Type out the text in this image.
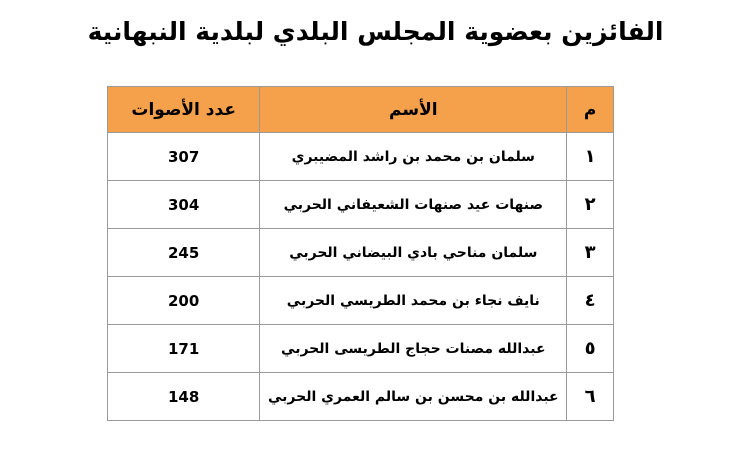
الفائزين بعضوية المجلس البلدي لبلدية النبهانية
م	الأسم	عدد الأصوات
١	سلمان بن محمد بن راشد المضيبري	307
٢	صنهات عيد صنهات الشعيفاني الحربي	304
٣	سلمان مناحي بادي البيضاني الحربي	245
٤	نايف نجاء بن محمد الطريسي الحربي	200
٥	عبدالله مصنات حجاج الطريسى الحربي	171
٦	عبدالله بن محسن بن سالم العمري الحربي	148
